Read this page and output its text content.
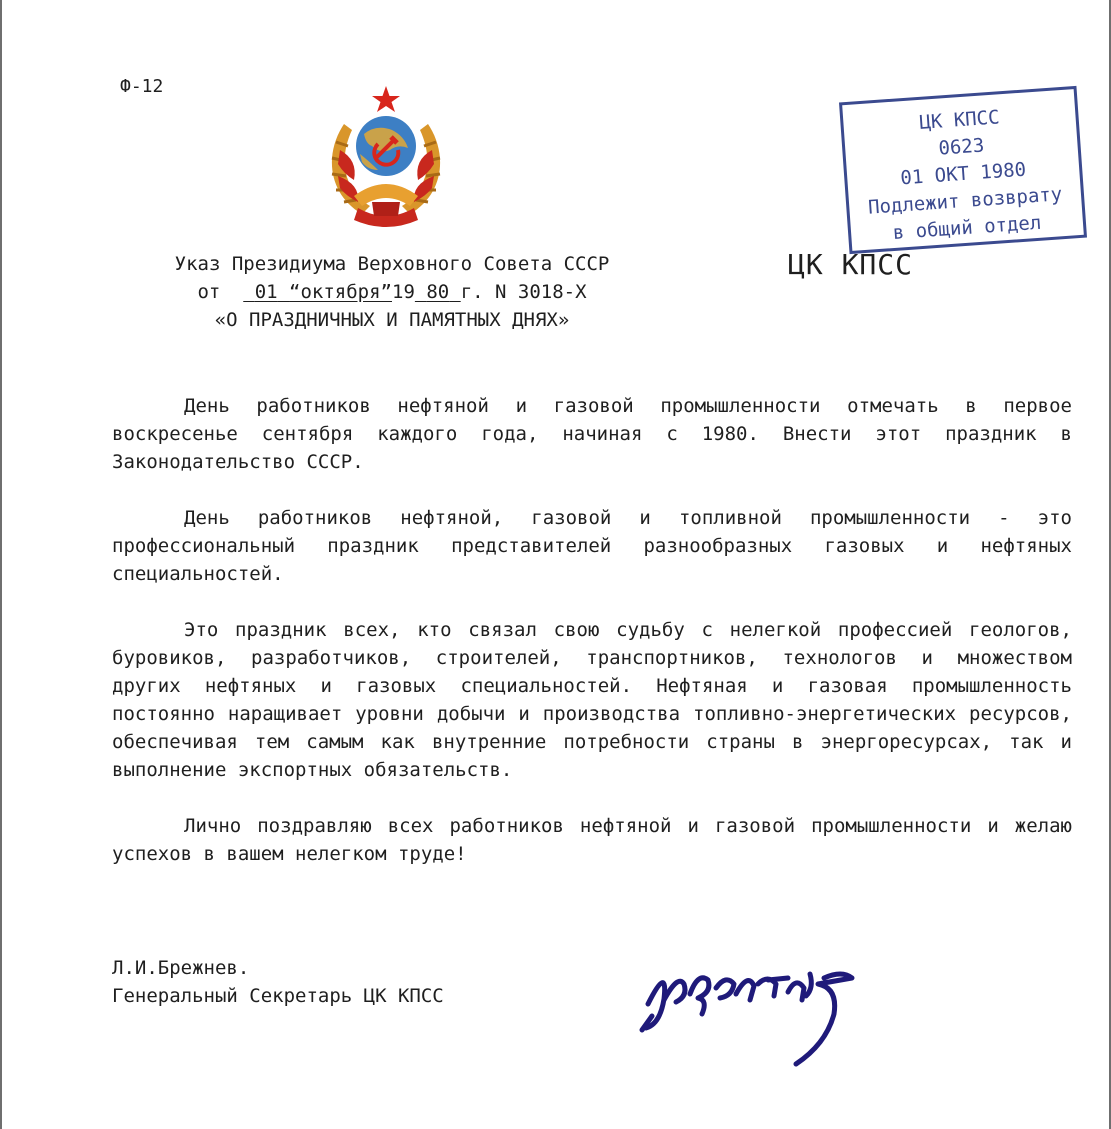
Ф-12
Указ Президиума Верховного Совета СССР
от   01 “октября”19 80 г. N 3018-Х
«О ПРАЗДНИЧНЫХ И ПАМЯТНЫХ ДНЯХ»
ЦК КПСС
ЦК КПСС
0623
01 ОКТ 1980
Подлежит возврату
в общий отдел

День работников нефтяной и газовой промышленности отмечать в первое воскресенье сентября каждого года, начиная с 1980. Внести этот праздник в Законодательство СССР.

День работников нефтяной, газовой и топливной промышленности - это профессиональный праздник представителей разнообразных газовых и нефтяных специальностей.

Это праздник всех, кто связал свою судьбу с нелегкой профессией геологов, буровиков, разработчиков, строителей, транспортников, технологов и множеством других нефтяных и газовых специальностей. Нефтяная и газовая промышленность постоянно наращивает уровни добычи и производства топливно-энергетических ресурсов, обеспечивая тем самым как внутренние потребности страны в энергоресурсах, так и выполнение экспортных обязательств.

Лично поздравляю всех работников нефтяной и газовой промышленности и желаю успехов в вашем нелегком труде!

Л.И.Брежнев.
Генеральный Секретарь ЦК КПСС
